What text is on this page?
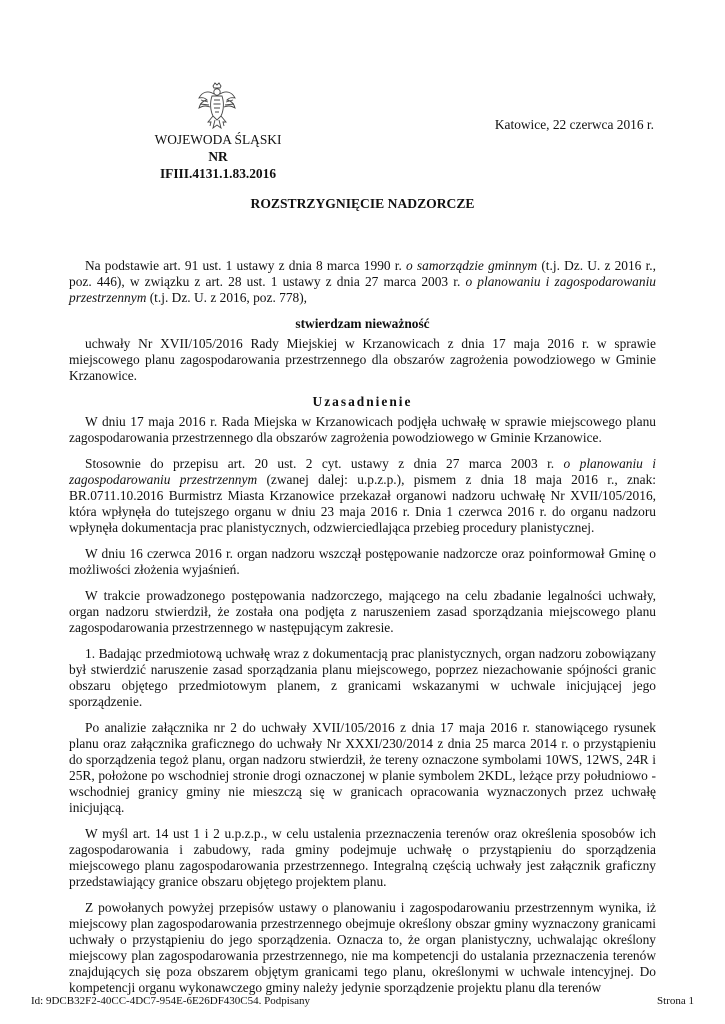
WOJEWODA ŚLĄSKI
NR IFIII.4131.1.83.2016
Katowice, 22 czerwca 2016 r.
ROZSTRZYGNIĘCIE NADZORCZE

Na podstawie art. 91 ust. 1 ustawy z dnia 8 marca 1990 r. o samorządzie gminnym (t.j. Dz. U. z 2016 r., poz. 446), w związku z art. 28 ust. 1 ustawy z dnia 27 marca 2003 r. o planowaniu i zagospodarowaniu przestrzennym (t.j. Dz. U. z 2016, poz. 778),

stwierdzam nieważność

uchwały Nr XVII/105/2016 Rady Miejskiej w Krzanowicach z dnia 17 maja 2016 r. w sprawie miejscowego planu zagospodarowania przestrzennego dla obszarów zagrożenia powodziowego w Gminie Krzanowice.

Uzasadnienie

W dniu 17 maja 2016 r. Rada Miejska w Krzanowicach podjęła uchwałę w sprawie miejscowego planu zagospodarowania przestrzennego dla obszarów zagrożenia powodziowego w Gminie Krzanowice.

Stosownie do przepisu art. 20 ust. 2 cyt. ustawy z dnia 27 marca 2003 r. o planowaniu i zagospodarowaniu przestrzennym (zwanej dalej: u.p.z.p.), pismem z dnia 18 maja 2016 r., znak: BR.0711.10.2016 Burmistrz Miasta Krzanowice przekazał organowi nadzoru uchwałę Nr XVII/105/2016, która wpłynęła do tutejszego organu w dniu 23 maja 2016 r. Dnia 1 czerwca 2016 r. do organu nadzoru wpłynęła dokumentacja prac planistycznych, odzwierciedlająca przebieg procedury planistycznej.

W dniu 16 czerwca 2016 r. organ nadzoru wszczął postępowanie nadzorcze oraz poinformował Gminę o możliwości złożenia wyjaśnień.

W trakcie prowadzonego postępowania nadzorczego, mającego na celu zbadanie legalności uchwały, organ nadzoru stwierdził, że została ona podjęta z naruszeniem zasad sporządzania miejscowego planu zagospodarowania przestrzennego w następującym zakresie.

1. Badając przedmiotową uchwałę wraz z dokumentacją prac planistycznych, organ nadzoru zobowiązany był stwierdzić naruszenie zasad sporządzania planu miejscowego, poprzez niezachowanie spójności granic obszaru objętego przedmiotowym planem, z granicami wskazanymi w uchwale inicjującej jego sporządzenie.

Po analizie załącznika nr 2 do uchwały XVII/105/2016 z dnia 17 maja 2016 r. stanowiącego rysunek planu oraz załącznika graficznego do uchwały Nr XXXI/230/2014 z dnia 25 marca 2014 r. o przystąpieniu do sporządzenia tegoż planu, organ nadzoru stwierdził, że tereny oznaczone symbolami 10WS, 12WS, 24R i 25R, położone po wschodniej stronie drogi oznaczonej w planie symbolem 2KDL, leżące przy południowo - wschodniej granicy gminy nie mieszczą się w granicach opracowania wyznaczonych przez uchwałę inicjującą.

W myśl art. 14 ust 1 i 2 u.p.z.p., w celu ustalenia przeznaczenia terenów oraz określenia sposobów ich zagospodarowania i zabudowy, rada gminy podejmuje uchwałę o przystąpieniu do sporządzenia miejscowego planu zagospodarowania przestrzennego. Integralną częścią uchwały jest załącznik graficzny przedstawiający granice obszaru objętego projektem planu.

Z powołanych powyżej przepisów ustawy o planowaniu i zagospodarowaniu przestrzennym wynika, iż miejscowy plan zagospodarowania przestrzennego obejmuje określony obszar gminy wyznaczony granicami uchwały o przystąpieniu do jego sporządzenia. Oznacza to, że organ planistyczny, uchwalając określony miejscowy plan zagospodarowania przestrzennego, nie ma kompetencji do ustalania przeznaczenia terenów znajdujących się poza obszarem objętym granicami tego planu, określonymi w uchwale intencyjnej. Do kompetencji organu wykonawczego gminy należy jedynie sporządzenie projektu planu dla terenów

Id: 9DCB32F2-40CC-4DC7-954E-6E26DF430C54. Podpisany	Strona 1
